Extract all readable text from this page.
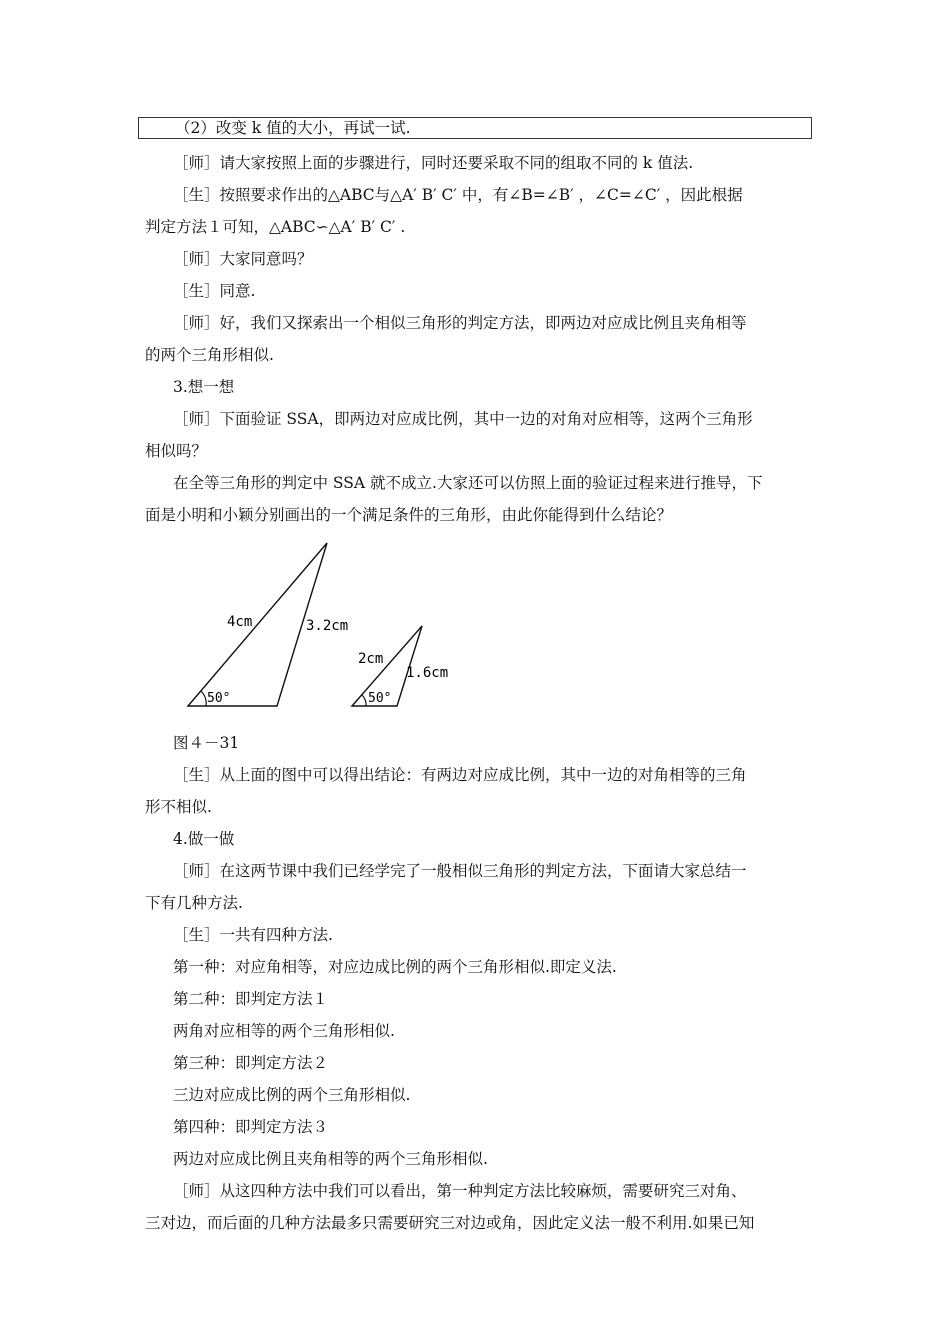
（2）改变 k 值的大小，再试一试.
［师］请大家按照上面的步骤进行，同时还要采取不同的组取不同的 k 值法.
［生］按照要求作出的△ABC与△A′ B′ C′ 中，有∠B=∠B′ ，∠C=∠C′ ，因此根据
判定方法１可知，△ABC∽△A′ B′ C′ .
［师］大家同意吗？
［生］同意.
［师］好，我们又探索出一个相似三角形的判定方法，即两边对应成比例且夹角相等
的两个三角形相似.
3.想一想
［师］下面验证 SSA，即两边对应成比例，其中一边的对角对应相等，这两个三角形
相似吗？
在全等三角形的判定中 SSA 就不成立.大家还可以仿照上面的验证过程来进行推导，下
面是小明和小颖分别画出的一个满足条件的三角形，由此你能得到什么结论？
4cm	3.2cm
50°
2cm
1.6cm
50°
图４－31
［生］从上面的图中可以得出结论：有两边对应成比例，其中一边的对角相等的三角
形不相似.
4.做一做
［师］在这两节课中我们已经学完了一般相似三角形的判定方法，下面请大家总结一
下有几种方法.
［生］一共有四种方法.
第一种：对应角相等，对应边成比例的两个三角形相似.即定义法.
第二种：即判定方法１
两角对应相等的两个三角形相似.
第三种：即判定方法２
三边对应成比例的两个三角形相似.
第四种：即判定方法３
两边对应成比例且夹角相等的两个三角形相似.
［师］从这四种方法中我们可以看出，第一种判定方法比较麻烦，需要研究三对角、
三对边，而后面的几种方法最多只需要研究三对边或角，因此定义法一般不利用.如果已知
